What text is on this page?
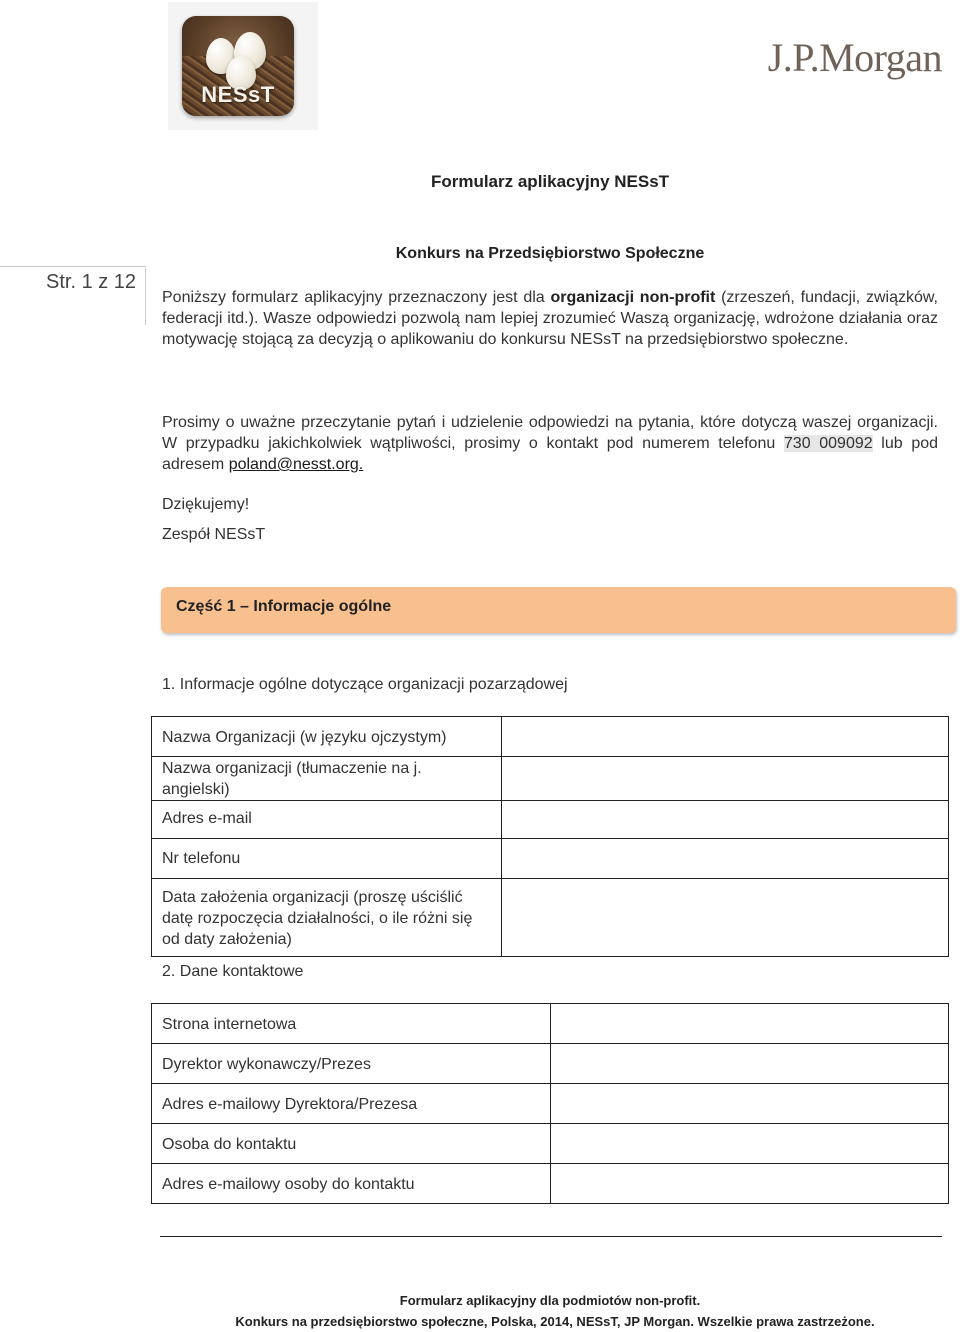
NESsT
J.P.Morgan
Formularz aplikacyjny NESsT
Konkurs na Przedsiębiorstwo Społeczne
Str. 1 z 12
Poniższy formularz aplikacyjny przeznaczony jest dla organizacji non-profit (zrzeszeń, fundacji, związków, federacji itd.). Wasze odpowiedzi pozwolą nam lepiej zrozumieć Waszą organizację, wdrożone działania oraz motywację stojącą za decyzją o aplikowaniu do konkursu NESsT na przedsiębiorstwo społeczne.
Prosimy o uważne przeczytanie pytań i udzielenie odpowiedzi na pytania, które dotyczą waszej organizacji. W przypadku jakichkolwiek wątpliwości, prosimy o kontakt pod numerem telefonu 730 009092 lub pod adresem poland@nesst.org.
Dziękujemy!
Zespół NESsT
Część 1 – Informacje ogólne
1. Informacje ogólne dotyczące organizacji pozarządowej
Nazwa Organizacji (w języku ojczystym)	
Nazwa organizacji (tłumaczenie na j. angielski)	
Adres e-mail	
Nr telefonu	
Data założenia organizacji (proszę uściślić datę rozpoczęcia działalności, o ile różni się od daty założenia)	
2. Dane kontaktowe
Strona internetowa	
Dyrektor wykonawczy/Prezes	
Adres e-mailowy Dyrektora/Prezesa	
Osoba do kontaktu	
Adres e-mailowy osoby do kontaktu	
Formularz aplikacyjny dla podmiotów non-profit.
Konkurs na przedsiębiorstwo społeczne, Polska, 2014, NESsT, JP Morgan. Wszelkie prawa zastrzeżone.
